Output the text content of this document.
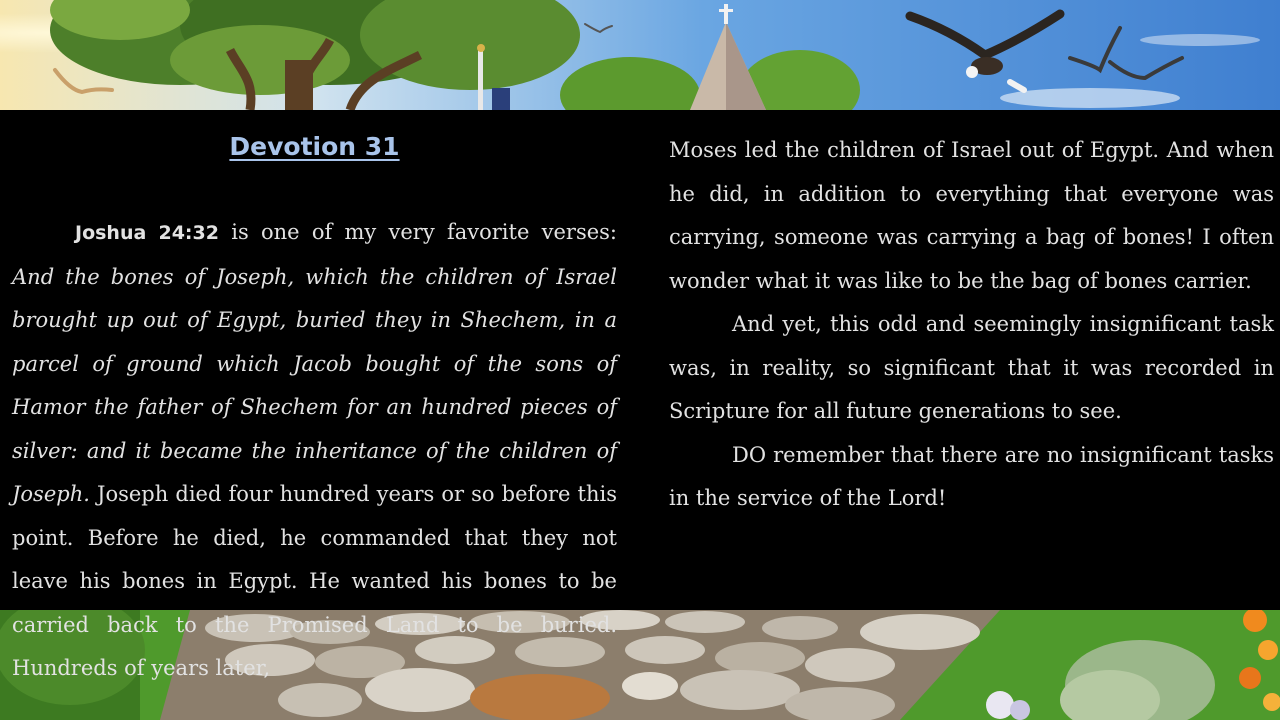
Devotion 31

Joshua 24:32 is one of my very favorite verses: And the bones of Joseph, which the children of Israel brought up out of Egypt, buried they in Shechem, in a parcel of ground which Jacob bought of the sons of Hamor the father of Shechem for an hundred pieces of silver: and it became the inheritance of the children of Joseph. Joseph died four hundred years or so before this point. Before he died, he commanded that they not leave his bones in Egypt. He wanted his bones to be carried back to the Promised Land to be buried. Hundreds of years later,

Moses led the children of Israel out of Egypt. And when he did, in addition to everything that everyone was carrying, someone was carrying a bag of bones! I often wonder what it was like to be the bag of bones carrier.

And yet, this odd and seemingly insignificant task was, in reality, so significant that it was recorded in Scripture for all future generations to see.

DO remember that there are no insignificant tasks in the service of the Lord!
